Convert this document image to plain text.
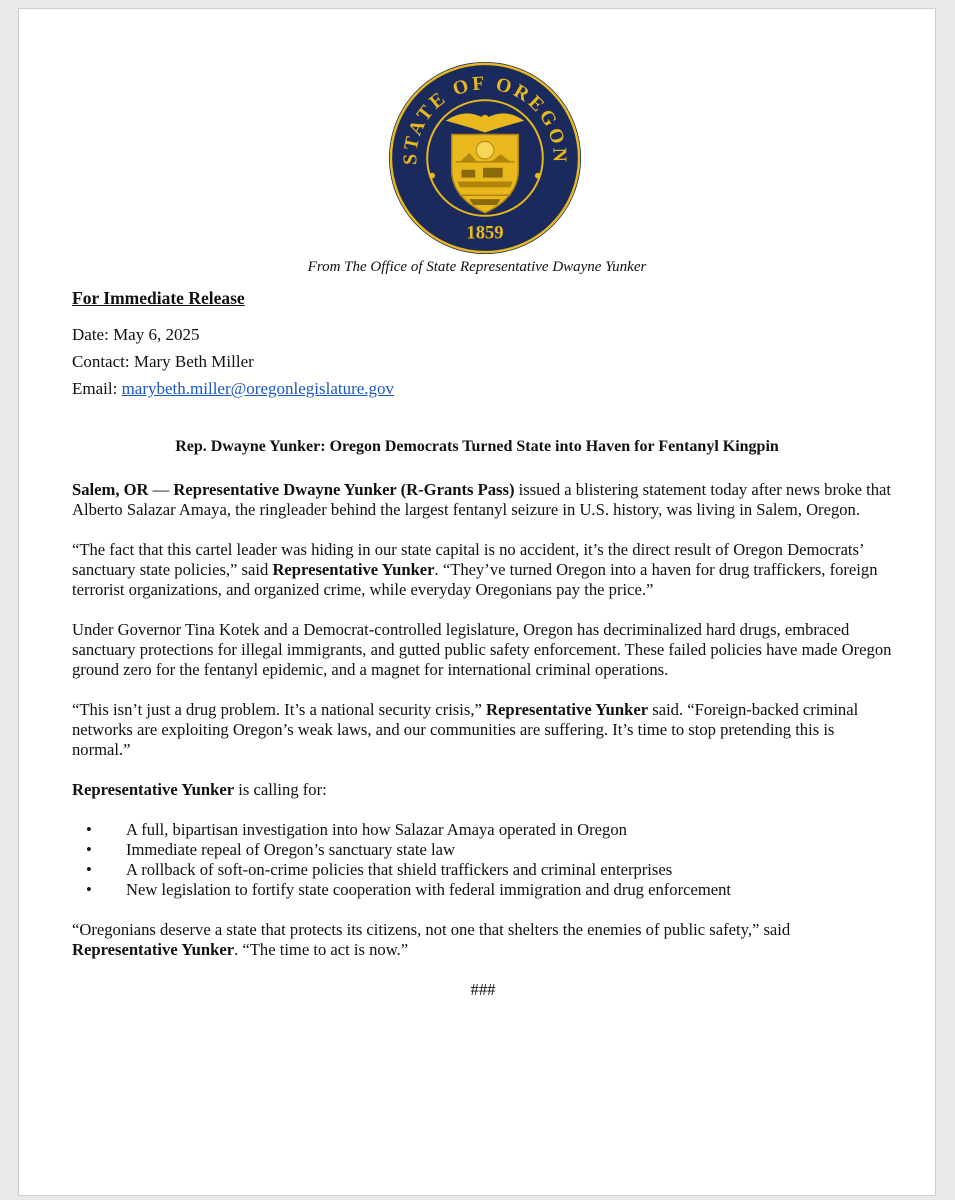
STATE OF OREGON
1859
From The Office of State Representative Dwayne Yunker
For Immediate Release
Date: May 6, 2025
Contact: Mary Beth Miller
Email: marybeth.miller@oregonlegislature.gov
Rep. Dwayne Yunker: Oregon Democrats Turned State into Haven for Fentanyl Kingpin

Salem, OR — Representative Dwayne Yunker (R-Grants Pass) issued a blistering statement today after news broke that Alberto Salazar Amaya, the ringleader behind the largest fentanyl seizure in U.S. history, was living in Salem, Oregon.

“The fact that this cartel leader was hiding in our state capital is no accident, it’s the direct result of Oregon Democrats’ sanctuary state policies,” said Representative Yunker. “They’ve turned Oregon into a haven for drug traffickers, foreign terrorist organizations, and organized crime, while everyday Oregonians pay the price.”

Under Governor Tina Kotek and a Democrat-controlled legislature, Oregon has decriminalized hard drugs, embraced sanctuary protections for illegal immigrants, and gutted public safety enforcement. These failed policies have made Oregon ground zero for the fentanyl epidemic, and a magnet for international criminal operations.

“This isn’t just a drug problem. It’s a national security crisis,” Representative Yunker said. “Foreign-backed criminal networks are exploiting Oregon’s weak laws, and our communities are suffering. It’s time to stop pretending this is normal.”

Representative Yunker is calling for:

• A full, bipartisan investigation into how Salazar Amaya operated in Oregon
• Immediate repeal of Oregon’s sanctuary state law
• A rollback of soft-on-crime policies that shield traffickers and criminal enterprises
• New legislation to fortify state cooperation with federal immigration and drug enforcement

“Oregonians deserve a state that protects its citizens, not one that shelters the enemies of public safety,” said Representative Yunker. “The time to act is now.”

###
